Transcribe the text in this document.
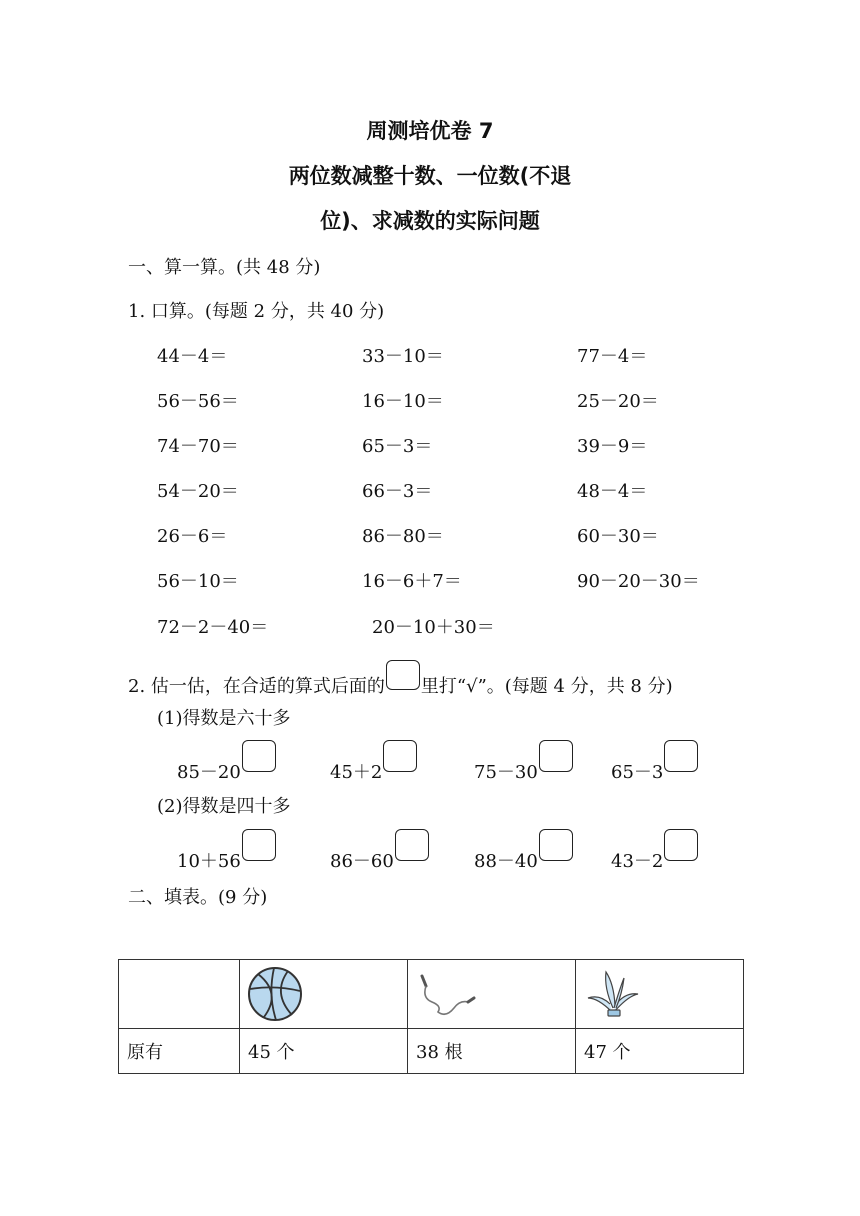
周测培优卷 7
两位数减整十数、一位数(不退
位)、求减数的实际问题
一、算一算。(共 48 分)
1. 口算。(每题 2 分，共 40 分)
44－4＝	33－10＝	77－4＝
56－56＝	16－10＝	25－20＝
74－70＝	65－3＝	39－9＝
54－20＝	66－3＝	48－4＝
26－6＝	86－80＝	60－30＝
56－10＝	16－6＋7＝	90－20－30＝
72－2－40＝	20－10＋30＝
2. 估一估，在合适的算式后面的 里打“√”。(每题 4 分，共 8 分)
(1)得数是六十多
85－20	45＋2	75－30	65－3
(2)得数是四十多
10＋56	86－60	88－40	43－2
二、填表。(9 分)

原有	45 个	38 根	47 个
